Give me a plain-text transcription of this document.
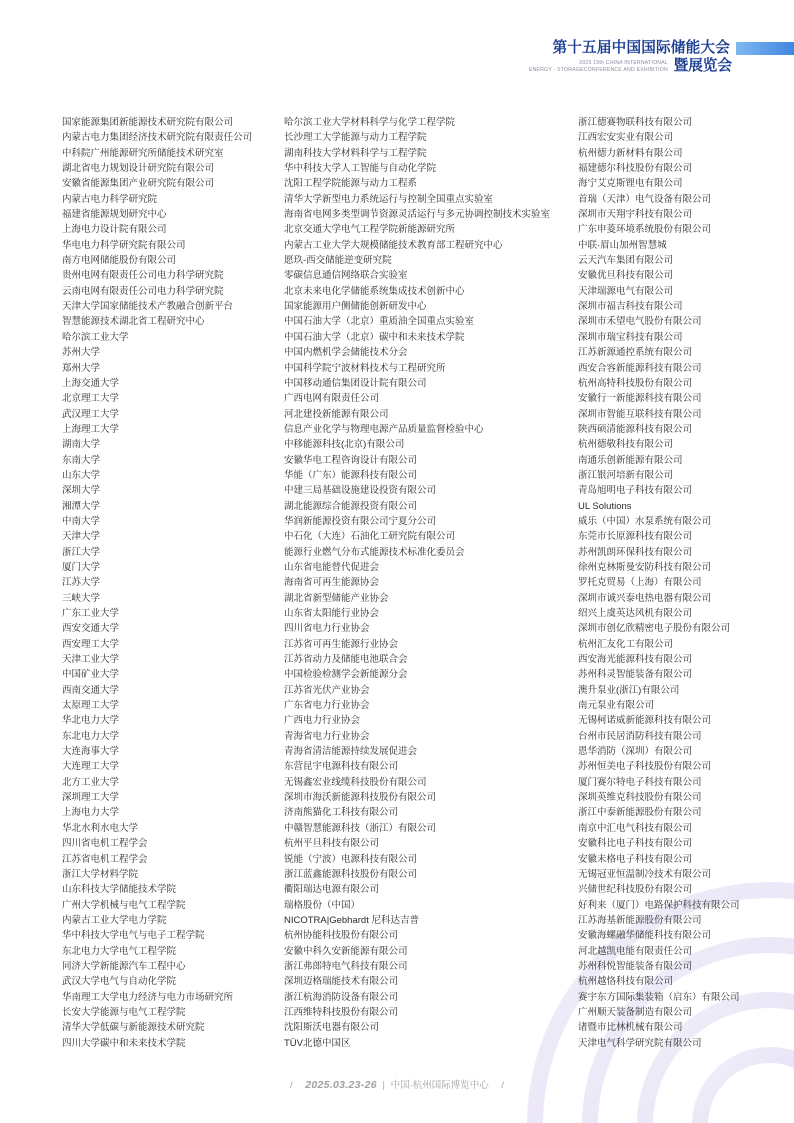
第十五届中国国际储能大会
暨展览会
2025 15th CHINA INTERNATIONAL
ENERGY · STORAGECONFERENCE AND EXHIBITION
国家能源集团新能源技术研究院有限公司
内蒙古电力集团经济技术研究院有限责任公司
中科院广州能源研究所储能技术研究室
湖北省电力规划设计研究院有限公司
安徽省能源集团产业研究院有限公司
内蒙古电力科学研究院
福建省能源规划研究中心
上海电力设计院有限公司
华电电力科学研究院有限公司
南方电网储能股份有限公司
贵州电网有限责任公司电力科学研究院
云南电网有限责任公司电力科学研究院
天津大学国家储能技术产教融合创新平台
智慧能源技术湖北省工程研究中心
哈尔滨工业大学
苏州大学
郑州大学
上海交通大学
北京理工大学
武汉理工大学
上海理工大学
湖南大学
东南大学
山东大学
深圳大学
湘潭大学
中南大学
天津大学
浙江大学
厦门大学
江苏大学
三峡大学
广东工业大学
西安交通大学
西安理工大学
天津工业大学
中国矿业大学
西南交通大学
太原理工大学
华北电力大学
东北电力大学
大连海事大学
大连理工大学
北方工业大学
深圳理工大学
上海电力大学
华北水利水电大学
四川省电机工程学会
江苏省电机工程学会
浙江大学材料学院
山东科技大学储能技术学院
广州大学机械与电气工程学院
内蒙古工业大学电力学院
华中科技大学电气与电子工程学院
东北电力大学电气工程学院
同济大学新能源汽车工程中心
武汉大学电气与自动化学院
华南理工大学电力经济与电力市场研究所
长安大学能源与电气工程学院
清华大学低碳与新能源技术研究院
四川大学碳中和未来技术学院
哈尔滨工业大学材料科学与化学工程学院
长沙理工大学能源与动力工程学院
湖南科技大学材料科学与工程学院
华中科技大学人工智能与自动化学院
沈阳工程学院能源与动力工程系
清华大学新型电力系统运行与控制全国重点实验室
海南省电网多类型调节资源灵活运行与多元协调控制技术实验室
北京交通大学电气工程学院新能源研究所
内蒙古工业大学大规模储能技术教育部工程研究中心
愿玖-西交储能逆变研究院
零碳信息通信网络联合实验室
北京未来电化学储能系统集成技术创新中心
国家能源用户侧储能创新研发中心
中国石油大学（北京）重质油全国重点实验室
中国石油大学（北京）碳中和未来技术学院
中国内燃机学会储能技术分会
中国科学院宁波材料技术与工程研究所
中国移动通信集团设计院有限公司
广西电网有限责任公司
河北建投新能源有限公司
信息产业化学与物理电源产品质量监督检验中心
中移能源科技(北京)有限公司
安徽华电工程咨询设计有限公司
华能（广东）能源科技有限公司
中建三局基础设施建设投资有限公司
湖北能源综合能源投资有限公司
华润新能源投资有限公司宁夏分公司
中石化（大连）石油化工研究院有限公司
能源行业燃气分布式能源技术标准化委员会
山东省电能替代促进会
海南省可再生能源协会
湖北省新型储能产业协会
山东省太阳能行业协会
四川省电力行业协会
江苏省可再生能源行业协会
江苏省动力及储能电池联合会
中国检验检测学会新能源分会
江苏省光伏产业协会
广东省电力行业协会
广西电力行业协会
青海省电力行业协会
青海省清洁能源持续发展促进会
东营昆宇电源科技有限公司
无锡鑫宏业线缆科技股份有限公司
深圳市海沃新能源科技股份有限公司
济南熊猫化工科技有限公司
中赣智慧能源科技（浙江）有限公司
杭州平旦科技有限公司
锐能（宁波）电源科技有限公司
浙江蓝鑫能源科技股份有限公司
衢阳瑞达电源有限公司
瑞格股份（中国）
NICOTRA|Gebhardt 尼科达吉普
杭州协能科技股份有限公司
安徽中科久安新能源有限公司
浙江弗郎特电气科技有限公司
深圳迈格瑞能技术有限公司
浙江杭海消防设备有限公司
江西维特科技股份有限公司
沈阳斯沃电器有限公司
TÜV北德中国区
浙江德赛物联科技有限公司
江西宏安实业有限公司
杭州德力新材料有限公司
福建德尔科技股份有限公司
海宁艾克斯锂电有限公司
首瑞（天津）电气设备有限公司
深圳市天翔宇科技有限公司
广东申菱环境系统股份有限公司
中联·眉山加州智慧城
云天汽车集团有限公司
安徽优旦科技有限公司
天津瑞源电气有限公司
深圳市福吉科技有限公司
深圳市禾望电气股份有限公司
深圳市瑞宝科技有限公司
江苏新源通控系统有限公司
西安合容新能源科技有限公司
杭州高特科技股份有限公司
安徽行一新能源科技有限公司
深圳市智能互联科技有限公司
陕西硕清能源科技有限公司
杭州德敬科技有限公司
南通乐创新能源有限公司
浙江银河培新有限公司
青岛旭明电子科技有限公司
UL Solutions
威乐（中国）水泵系统有限公司
东莞市长原源科技有限公司
苏州凯朗环保科技有限公司
徐州克林斯曼安防科技有限公司
罗托克贸易（上海）有限公司
深圳市诚兴泰电热电器有限公司
绍兴上虞英达风机有限公司
深圳市创亿欣精密电子股份有限公司
杭州汇友化工有限公司
西安海光能源科技有限公司
苏州科灵智能装备有限公司
澳升泵业(浙江)有限公司
南元泵业有限公司
无锡柯诺威新能源科技有限公司
台州市民居消防科技有限公司
恩华消防（深圳）有限公司
苏州恒美电子科技股份有限公司
厦门赛尔特电子科技有限公司
深圳英维克科技股份有限公司
浙江中泰新能源股份有限公司
南京中汇电气科技有限公司
安徽科比电子科技有限公司
安徽未格电子科技有限公司
无锡冠亚恒温制冷技术有限公司
兴储世纪科技股份有限公司
好利来（厦门）电路保护科技有限公司
江苏海基新能源股份有限公司
安徽海螺融华储能科技有限公司
河北越凯电能有限责任公司
苏州科悦智能装备有限公司
杭州越恪科技有限公司
赛宇东方国际集装箱（启东）有限公司
广州顺天装备制造有限公司
诸暨市比林机械有限公司
天津电气科学研究院有限公司
/ 2025.03.23-26 | 中国·杭州国际博览中心 /
